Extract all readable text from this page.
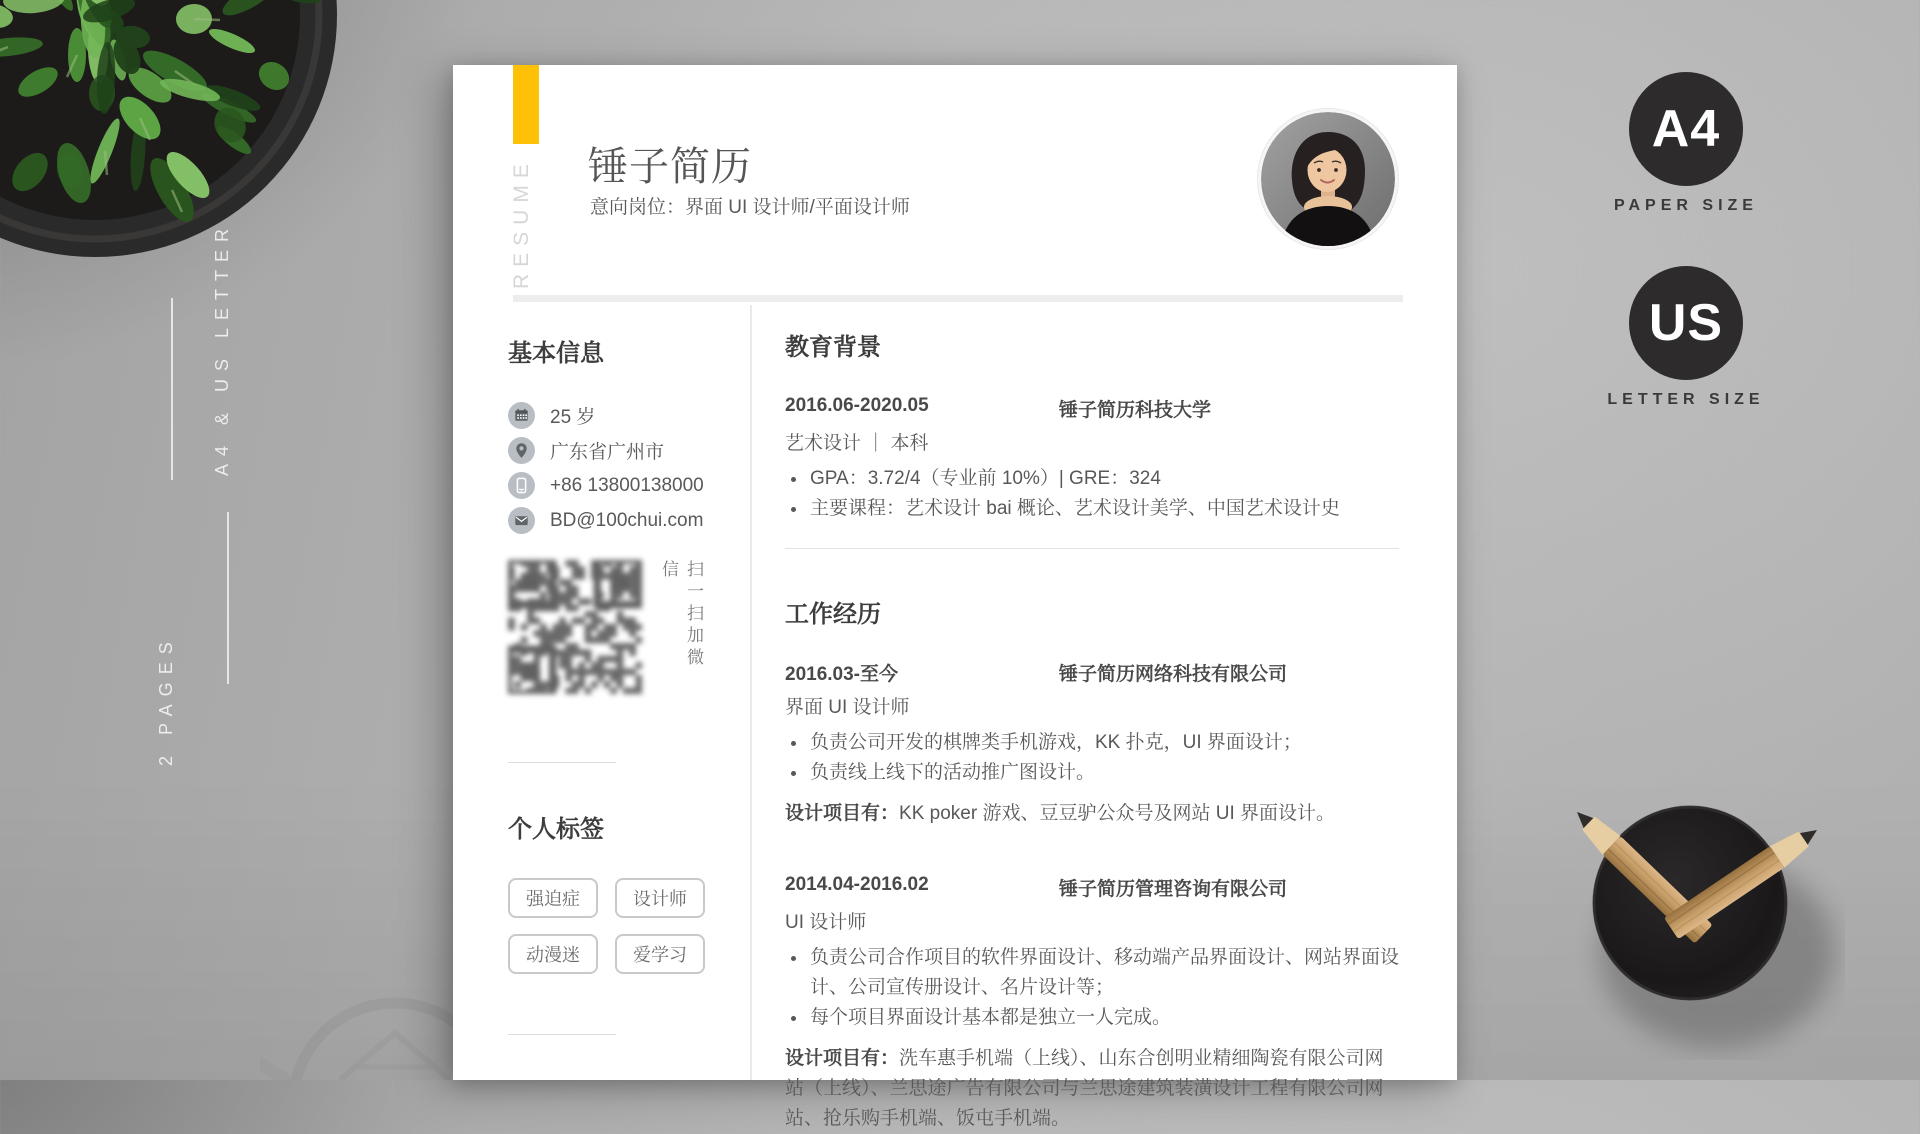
A4 & US LETTER
2 PAGES
A4
PAPER SIZE
US
LETTER SIZE
RESUME 锤子简历
意向岗位：界面 UI 设计师/平面设计师
基本信息
25 岁
广东省广州市
+86 13800138000
BD@100chui.com
扫一扫加微信
个人标签
强迫症	设计师
动漫迷	爱学习
教育背景
2016.06-2020.05	锤子简历科技大学
艺术设计 ｜ 本科
• GPA：3.72/4（专业前 10%）| GRE：324
• 主要课程：艺术设计 bai 概论、艺术设计美学、中国艺术设计史
工作经历
2016.03-至今	锤子简历网络科技有限公司
界面 UI 设计师
• 负责公司开发的棋牌类手机游戏，KK 扑克，UI 界面设计；
• 负责线上线下的活动推广图设计。
设计项目有：KK poker 游戏、豆豆驴公众号及网站 UI 界面设计。
2014.04-2016.02	锤子简历管理咨询有限公司
UI 设计师
• 负责公司合作项目的软件界面设计、移动端产品界面设计、网站界面设计、公司宣传册设计、名片设计等；
• 每个项目界面设计基本都是独立一人完成。
设计项目有：洗车惠手机端（上线）、山东合创明业精细陶瓷有限公司网站（上线）、兰思途广告有限公司与兰思途建筑装潢设计工程有限公司网站、抢乐购手机端、饭屯手机端。
